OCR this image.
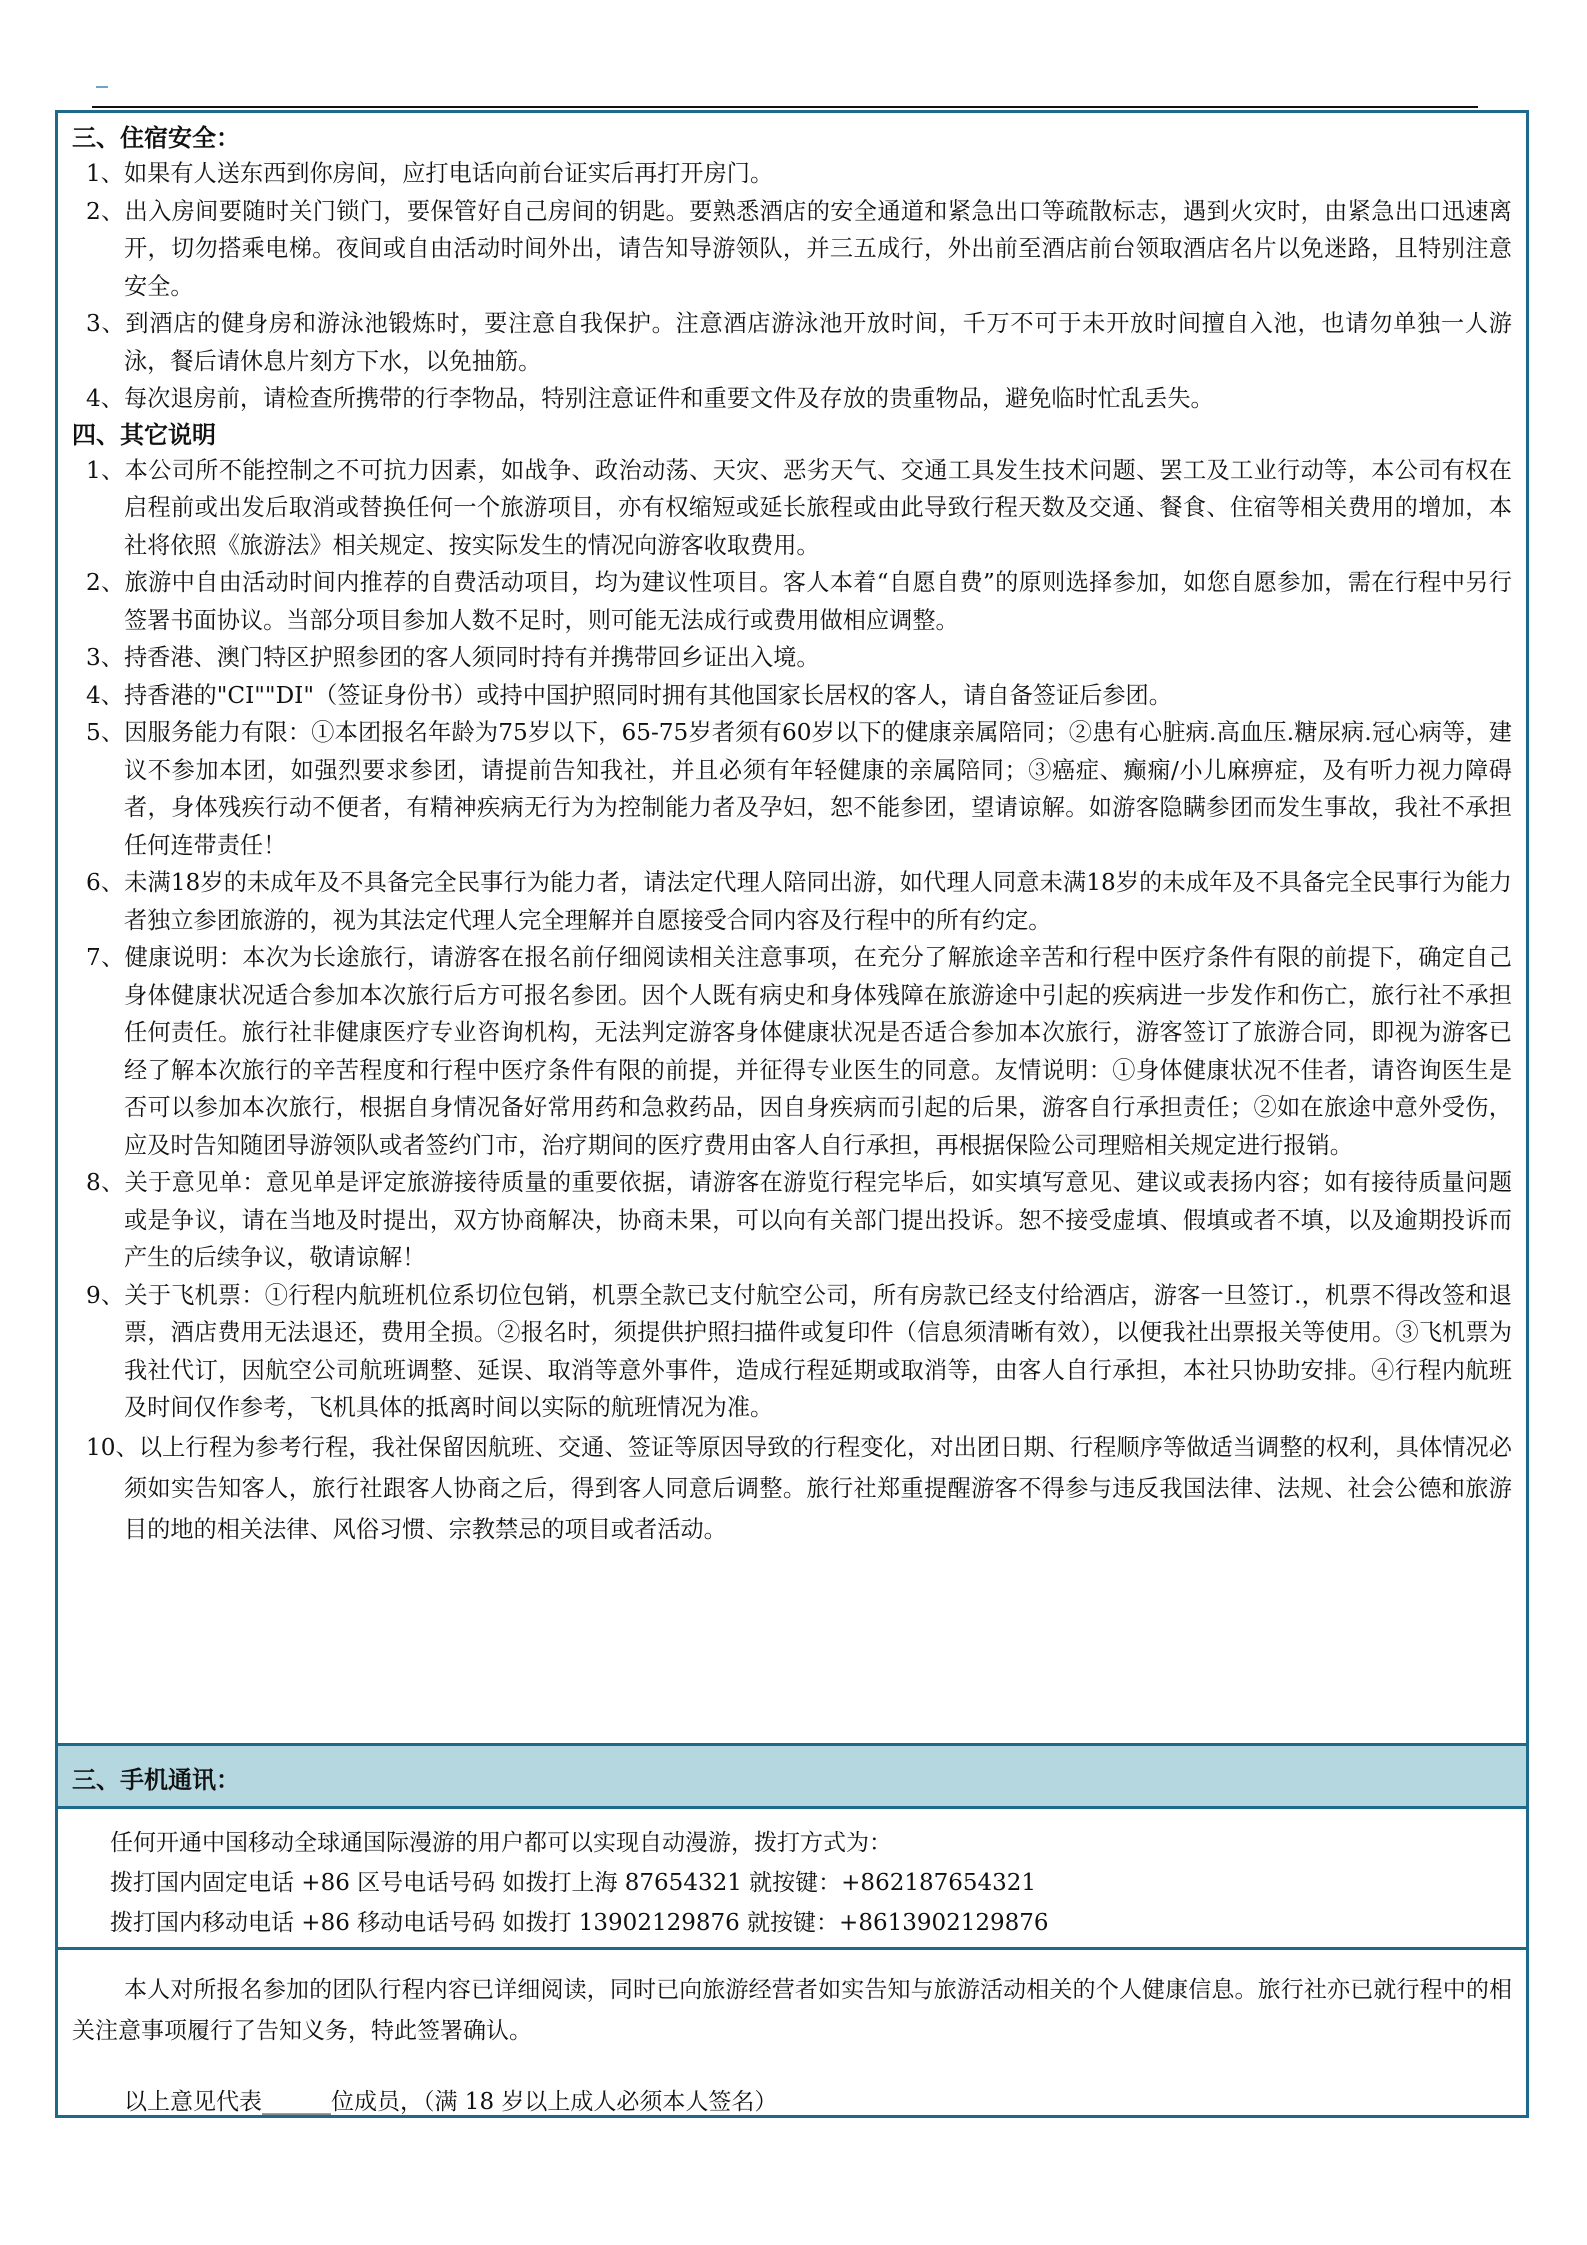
三、住宿安全：

1、如果有人送东西到你房间，应打电话向前台证实后再打开房门。

2、出入房间要随时关门锁门，要保管好自己房间的钥匙。要熟悉酒店的安全通道和紧急出口等疏散标志，遇到火灾时，由紧急出口迅速离开，切勿搭乘电梯。夜间或自由活动时间外出，请告知导游领队，并三五成行，外出前至酒店前台领取酒店名片以免迷路，且特别注意安全。

3、到酒店的健身房和游泳池锻炼时，要注意自我保护。注意酒店游泳池开放时间，千万不可于未开放时间擅自入池，也请勿单独一人游泳，餐后请休息片刻方下水，以免抽筋。

4、每次退房前，请检查所携带的行李物品，特别注意证件和重要文件及存放的贵重物品，避免临时忙乱丢失。

四、其它说明

1、本公司所不能控制之不可抗力因素，如战争、政治动荡、天灾、恶劣天气、交通工具发生技术问题、罢工及工业行动等，本公司有权在启程前或出发后取消或替换任何一个旅游项目，亦有权缩短或延长旅程或由此导致行程天数及交通、餐食、住宿等相关费用的增加，本社将依照《旅游法》相关规定、按实际发生的情况向游客收取费用。

2、旅游中自由活动时间内推荐的自费活动项目，均为建议性项目。客人本着“自愿自费”的原则选择参加，如您自愿参加，需在行程中另行签署书面协议。当部分项目参加人数不足时，则可能无法成行或费用做相应调整。

3、持香港、澳门特区护照参团的客人须同时持有并携带回乡证出入境。

4、持香港的"CI""DI"（签证身份书）或持中国护照同时拥有其他国家长居权的客人，请自备签证后参团。

5、因服务能力有限：①本团报名年龄为75岁以下，65-75岁者须有60岁以下的健康亲属陪同；②患有心脏病.高血压.糖尿病.冠心病等，建议不参加本团，如强烈要求参团，请提前告知我社，并且必须有年轻健康的亲属陪同；③癌症、癫痫/小儿麻痹症，及有听力视力障碍者，身体残疾行动不便者，有精神疾病无行为为控制能力者及孕妇，恕不能参团，望请谅解。如游客隐瞒参团而发生事故，我社不承担任何连带责任！

6、未满18岁的未成年及不具备完全民事行为能力者，请法定代理人陪同出游，如代理人同意未满18岁的未成年及不具备完全民事行为能力者独立参团旅游的，视为其法定代理人完全理解并自愿接受合同内容及行程中的所有约定。

7、健康说明：本次为长途旅行，请游客在报名前仔细阅读相关注意事项，在充分了解旅途辛苦和行程中医疗条件有限的前提下，确定自己身体健康状况适合参加本次旅行后方可报名参团。因个人既有病史和身体残障在旅游途中引起的疾病进一步发作和伤亡，旅行社不承担任何责任。旅行社非健康医疗专业咨询机构，无法判定游客身体健康状况是否适合参加本次旅行，游客签订了旅游合同，即视为游客已经了解本次旅行的辛苦程度和行程中医疗条件有限的前提，并征得专业医生的同意。友情说明：①身体健康状况不佳者，请咨询医生是否可以参加本次旅行，根据自身情况备好常用药和急救药品，因自身疾病而引起的后果，游客自行承担责任；②如在旅途中意外受伤，应及时告知随团导游领队或者签约门市，治疗期间的医疗费用由客人自行承担，再根据保险公司理赔相关规定进行报销。

8、关于意见单：意见单是评定旅游接待质量的重要依据，请游客在游览行程完毕后，如实填写意见、建议或表扬内容；如有接待质量问题或是争议，请在当地及时提出，双方协商解决，协商未果，可以向有关部门提出投诉。恕不接受虚填、假填或者不填，以及逾期投诉而产生的后续争议，敬请谅解！

9、关于飞机票：①行程内航班机位系切位包销，机票全款已支付航空公司，所有房款已经支付给酒店，游客一旦签订.，机票不得改签和退票，酒店费用无法退还，费用全损。②报名时，须提供护照扫描件或复印件（信息须清晰有效），以便我社出票报关等使用。③飞机票为我社代订，因航空公司航班调整、延误、取消等意外事件，造成行程延期或取消等，由客人自行承担，本社只协助安排。④行程内航班及时间仅作参考，飞机具体的抵离时间以实际的航班情况为准。

10、以上行程为参考行程，我社保留因航班、交通、签证等原因导致的行程变化，对出团日期、行程顺序等做适当调整的权利，具体情况必须如实告知客人，旅行社跟客人协商之后，得到客人同意后调整。旅行社郑重提醒游客不得参与违反我国法律、法规、社会公德和旅游目的地的相关法律、风俗习惯、宗教禁忌的项目或者活动。

三、手机通讯：
任何开通中国移动全球通国际漫游的用户都可以实现自动漫游，拨打方式为：
拨打国内固定电话 +86 区号电话号码 如拨打上海 87654321 就按键：+862187654321
拨打国内移动电话 +86 移动电话号码 如拨打 13902129876 就按键：+8613902129876

本人对所报名参加的团队行程内容已详细阅读，同时已向旅游经营者如实告知与旅游活动相关的个人健康信息。旅行社亦已就行程中的相关注意事项履行了告知义务，特此签署确认。

以上意见代表______位成员，（满 18 岁以上成人必须本人签名）
